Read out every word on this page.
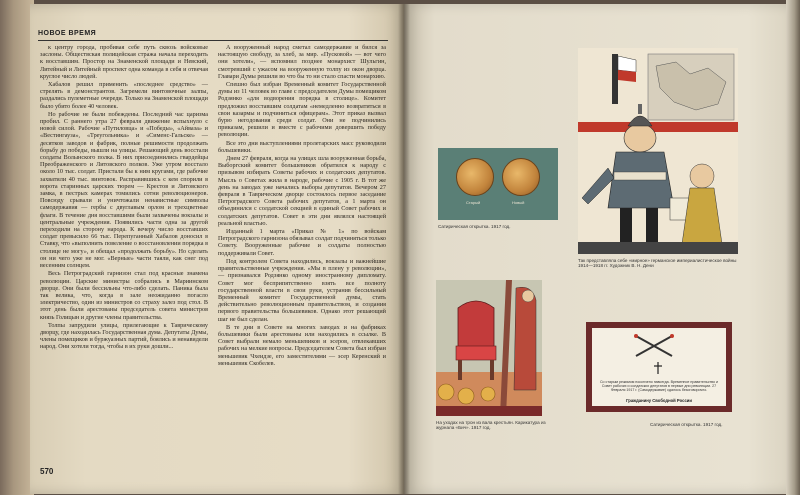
НОВОЕ ВРЕМЯ

к центру города, пробивая себе путь сквозь войсковые заслоны. Обществская полицейская стража начала переходить к восставшим. Простор на Знаменской площади и Невский, Литейный и Литейный проспект одна команда в себя и отвечая круглое число людей.

Хабалов решил применить «последнее средство» — стрелять в демонстрантов. Загремели винтовочные залпы, раздались пулеметные очереди. Только на Знаменской площади было убито более 40 человек.

Но рабочие не были побеждены. Последний час царизма пробил. С раннего утра 27 февраля движение вспыхнуло с новой силой. Рабочие «Путиловца» и «Победы», «Айваза» и «Вестингауза», «Треугольника» и «Сименс-Гальске» — десятков заводов и фабрик, полные решимости продолжать борьбу до победы, вышли на улицы. Решающий день восстали солдаты Волынского полка. В них присоединились гвардейцы Преображенского и Литовского полков. Уже утром восстало около 10 тыс. солдат. Пристали бы к ним кругами, где рабочие захватили 40 тыс. винтовок. Расправившись с кем спорили в ворота старинных царских тюрем — Крестов и Литовского замка, в пестрых камерах томились сотни революционеров. Повсюду срывали и уничтожали ненавистные символы самодержавия — гербы с двуглавым орлом и трехцветные флаги. В течение дня восставшими были захвачены вокзалы и центральные учреждения. Появились части одна за другой переходили на сторону народа. К вечеру число восставших солдат превысило 66 тыс. Перепуганный Хабалов доносил в Ставку, что «выполнить повеление о восстановлении порядка в столице не могу», и обещал «продолжать борьбу». Но сделать он ни чего уже не мог. «Верные» части таяли, как снег под весенним солнцем.

Весь Петроградский гарнизон стал под красные знамена революции. Царские министры собрались в Мариинском дворце. Они были бессильны что-либо сделать. Паника была так велика, что, когда в зале неожиданно погасло электричество, один из министров со страху залез под стол. В этот день были арестованы председатель совета министров князь Голицын и другие члены правительства.

Толпы запрудили улицы, прилегающие к Таврическому дворцу, где находилась Государственная дума. Депутаты Думы, члены помещиков и буржуазных партий, боялись и ненавидели народ. Они хотели тогда, чтобы в их руки дошли...

А вооруженный народ сметал самодержавие и бился за настоящую свободу, за хлеб, за мир. «Пусковой» — вот чего они хотели», — вспомнил позднее монархист Шульгин, смотревший с ужасом на вооруженную толпу из окон дворца. Главари Думы решили во что бы то ни стало спасти монархию.

Спешно был избран Временный комитет Государственной думы из 11 человек во главе с председателем Думы помещиком Родзянко «для водворения порядка в столице». Комитет предложил восставшим солдатам «немедленно возвратиться в свои казармы и подчиниться офицерам». Этот приказ вызвал бурю негодования среди солдат. Они не подчинились приказам, решили и вместе с рабочими довершить победу революции.

Все это дни выступлениями пролетарских масс руководили большевики.

Днем 27 февраля, когда на улицах шла вооруженная борьба, Выборгский комитет большевиков обратился к народу с призывом избирать Советы рабочих и солдатских депутатов. Мысль о Советах жила в народе, рабочие с 1905 г. В тот же день на заводах уже начались выборы депутатов. Вечером 27 февраля в Таврическом дворце состоялось первое заседание Петроградского Совета рабочих депутатов, а 1 марта он объединился с солдатской секцией в единый Совет рабочих и солдатских депутатов. Совет в эти дни являлся настоящей реальной властью.

Изданный 1 марта «Приказ № 1» по войскам Петроградского гарнизона обязывал солдат подчиняться только Совету. Вооруженные рабочие и солдаты полностью поддерживали Совет.

Под контролем Совета находились, вокзалы и важнейшие правительственные учреждения. «Мы в плену у революции», — признавался Родзянко одному иностранному дипломату. Совет мог бесприпятственно взять все полноту государственной власти в свои руки, устранив бессильный Временный комитет Государственной думы, стать действительно революционным правительством, и создания первого правительства большевиков. Однако этот решающий шаг не был сделан.

В те дни в Совете на многих заводах и на фабриках большевики были арестованы или находились в ссылке. В Совет выбрали немало меньшевиков и эсеров, отвлекавших рабочих на мелкие вопросы. Председателем Совета был избран меньшевик Чхеидзе, его заместителями — эсер Керенский и меньшевик Скобелев.

570
Старый	Новый
Сатирическая открытка. 1917 год.
Так представляла себе «мирное» германское империалистическое войны 1914—1918 гг. Художник В. Н. Дени
На уходах на трон из вала крестьян. Карикатура из журнала «Бич». 1917 год.
Со старым режимом покончено навсегда. Временное правительство и Совет рабочих и солдатских депутатов в первые дни революции. 27 Февраля 1917 г. (Самодержавие) сдалось безоговорочно.
Гражданину Свободной России
Сатирическая открытка. 1917 год.
